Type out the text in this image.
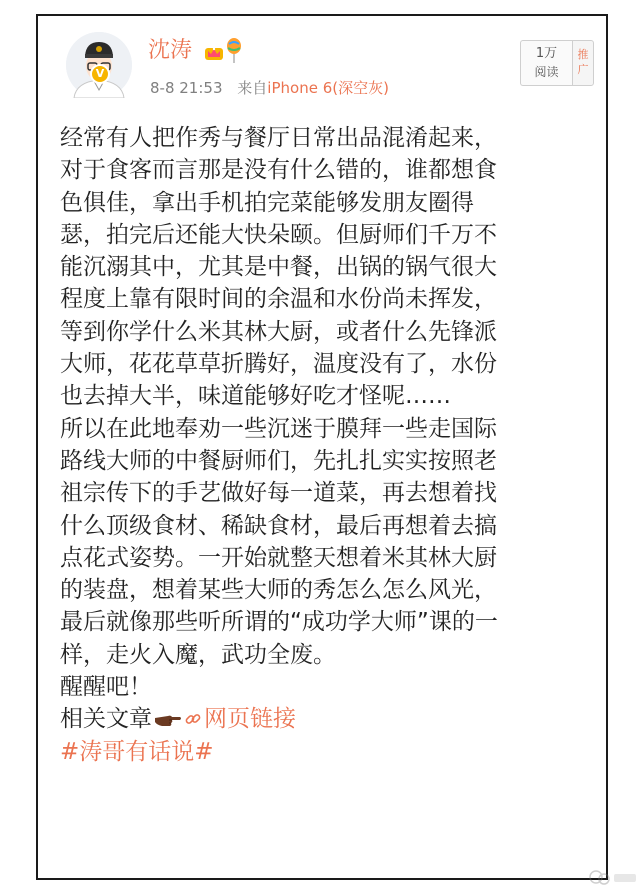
V
沈涛
8-8 21:53 来自iPhone 6(深空灰)
1万
阅读
推广
经常有人把作秀与餐厅日常出品混淆起来，
对于食客而言那是没有什么错的，谁都想食
色俱佳，拿出手机拍完菜能够发朋友圈得
瑟，拍完后还能大快朵颐。但厨师们千万不
能沉溺其中，尤其是中餐，出锅的锅气很大
程度上靠有限时间的余温和水份尚未挥发，
等到你学什么米其林大厨，或者什么先锋派
大师，花花草草折腾好，温度没有了，水份
也去掉大半，味道能够好吃才怪呢……
所以在此地奉劝一些沉迷于膜拜一些走国际
路线大师的中餐厨师们，先扎扎实实按照老
祖宗传下的手艺做好每一道菜，再去想着找
什么顶级食材、稀缺食材，最后再想着去搞
点花式姿势。一开始就整天想着米其林大厨
的装盘，想着某些大师的秀怎么怎么风光，
最后就像那些听所谓的“成功学大师”课的一
样，走火入魔，武功全废。
醒醒吧！
相关文章 网页链接
#涛哥有话说#
